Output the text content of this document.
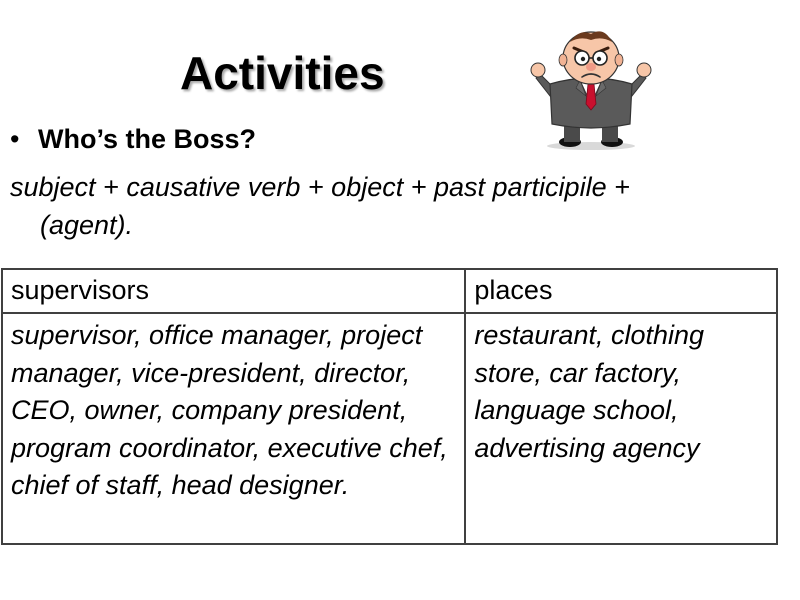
Activities
• Who’s the Boss?
subject + causative verb + object + past participile +
(agent).
supervisors	places
supervisor, office manager, project manager, vice-president, director, CEO, owner, company president, program coordinator, executive chef, chief of staff, head designer.	restaurant, clothing store, car factory, language school, advertising agency
